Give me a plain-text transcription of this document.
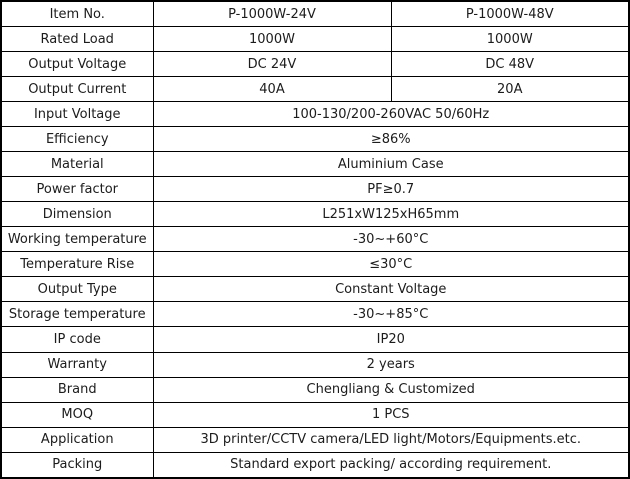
Item No.	P-1000W-24V	P-1000W-48V
Rated Load	1000W	1000W
Output Voltage	DC 24V	DC 48V
Output Current	40A	20A
Input Voltage	100-130/200-260VAC 50/60Hz	
Efficiency	≥86%	
Material	Aluminium Case	
Power factor	PF≥0.7	
Dimension	L251xW125xH65mm	
Working temperature	-30~+60°C	
Temperature Rise	≤30°C	
Output Type	Constant Voltage	
Storage temperature	-30~+85°C	
IP code	IP20	
Warranty	2 years	
Brand	Chengliang & Customized	
MOQ	1 PCS	
Application	3D printer/CCTV camera/LED light/Motors/Equipments.etc.	
Packing	Standard export packing/ according requirement.	
